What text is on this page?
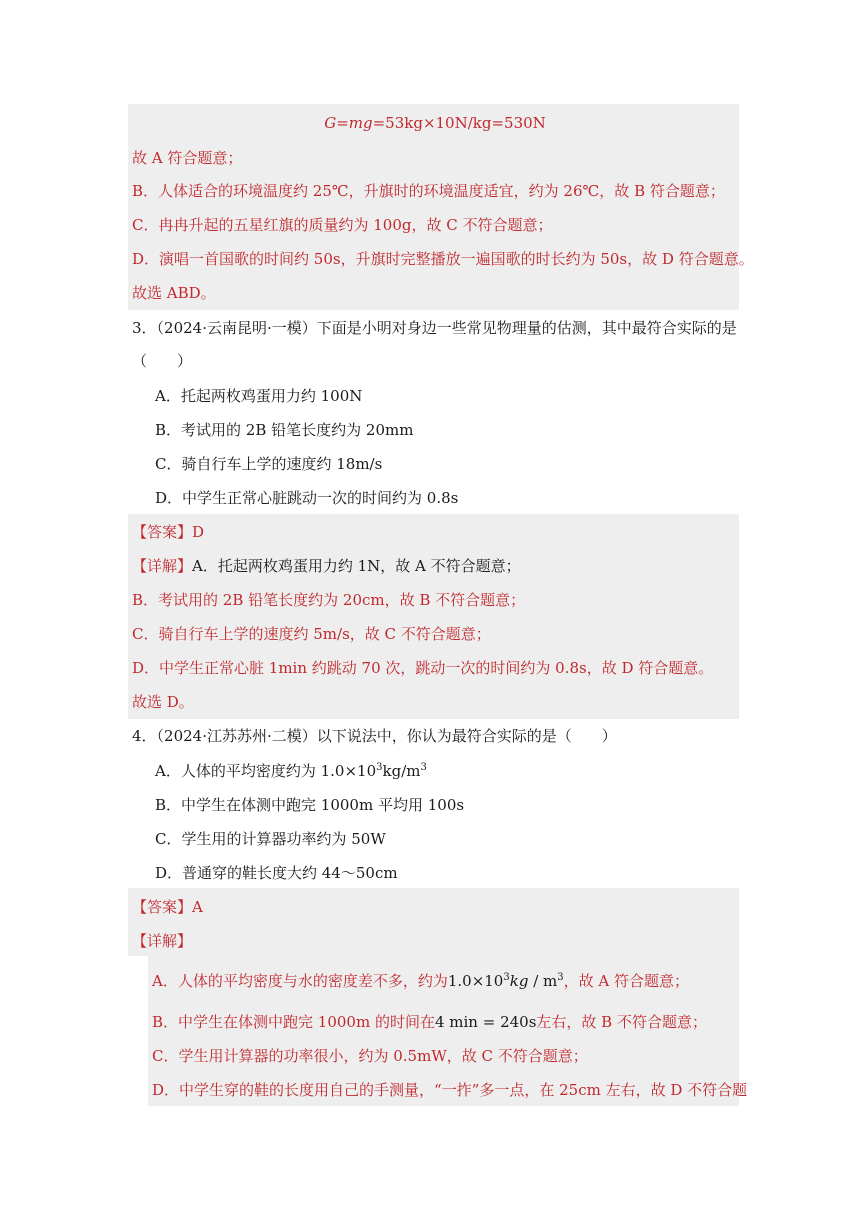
G=mg=53kg×10N/kg=530N
故 A 符合题意；
B．人体适合的环境温度约 25℃，升旗时的环境温度适宜，约为 26℃，故 B 符合题意；
C．冉冉升起的五星红旗的质量约为 100g，故 C 不符合题意；
D．演唱一首国歌的时间约 50s，升旗时完整播放一遍国歌的时长约为 50s，故 D 符合题意。
故选 ABD。
3．（2024·云南昆明·一模）下面是小明对身边一些常见物理量的估测，其中最符合实际的是
（　　）
A．托起两枚鸡蛋用力约 100N
B．考试用的 2B 铅笔长度约为 20mm
C．骑自行车上学的速度约 18m/s
D．中学生正常心脏跳动一次的时间约为 0.8s
【答案】D
【详解】A．托起两枚鸡蛋用力约 1N，故 A 不符合题意；
B．考试用的 2B 铅笔长度约为 20cm，故 B 不符合题意；
C．骑自行车上学的速度约 5m/s，故 C 不符合题意；
D．中学生正常心脏 1min 约跳动 70 次，跳动一次的时间约为 0.8s，故 D 符合题意。
故选 D。
4．（2024·江苏苏州·二模）以下说法中，你认为最符合实际的是（　　）
A．人体的平均密度约为 $1.0\times 10^3kg/m^3$
B．中学生在体测中跑完 1000m 平均用 100s
C．学生用的计算器功率约为 50W
D．普通穿的鞋长度大约 44～50cm
【答案】A
【详解】
A．人体的平均密度与水的密度差不多，约为$1.0\times 10^3kg / m^3$，故 A 符合题意；
B．中学生在体测中跑完 1000m 的时间在4 min = 240s左右，故 B 不符合题意；
C．学生用计算器的功率很小，约为 0.5mW，故 C 不符合题意；
D．中学生穿的鞋的长度用自己的手测量，“一拃”多一点，在 25cm 左右，故 D 不符合题
